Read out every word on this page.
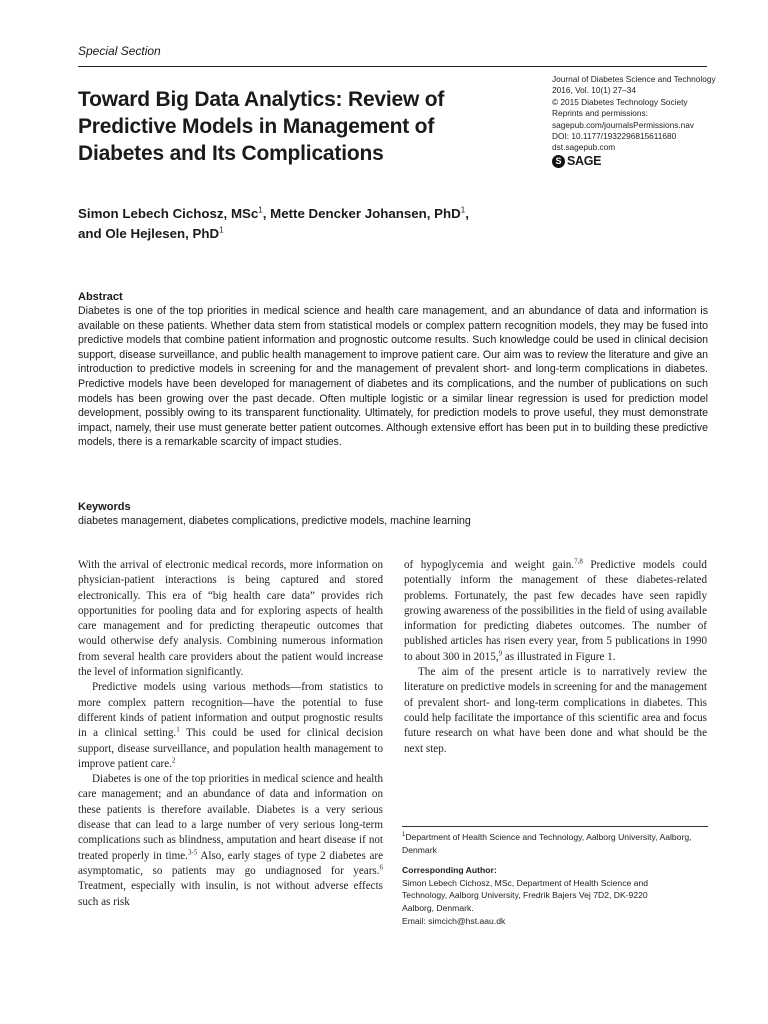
Special Section
Toward Big Data Analytics: Review of
Predictive Models in Management of
Diabetes and Its Complications
Journal of Diabetes Science and Technology
2016, Vol. 10(1) 27–34
© 2015 Diabetes Technology Society
Reprints and permissions:
sagepub.com/journalsPermissions.nav
DOI: 10.1177/1932296815611680
dst.sagepub.com
S SAGE
Simon Lebech Cichosz, MSc$^1$, Mette Dencker Johansen, PhD$^1$,
and Ole Hejlesen, PhD$^1$
Abstract
Diabetes is one of the top priorities in medical science and health care management, and an abundance of data and information is available on these patients. Whether data stem from statistical models or complex pattern recognition models, they may be fused into predictive models that combine patient information and prognostic outcome results. Such knowledge could be used in clinical decision support, disease surveillance, and public health management to improve patient care. Our aim was to review the literature and give an introduction to predictive models in screening for and the management of prevalent short- and long-term complications in diabetes. Predictive models have been developed for management of diabetes and its complications, and the number of publications on such models has been growing over the past decade. Often multiple logistic or a similar linear regression is used for prediction model development, possibly owing to its transparent functionality. Ultimately, for prediction models to prove useful, they must demonstrate impact, namely, their use must generate better patient outcomes. Although extensive effort has been put in to building these predictive models, there is a remarkable scarcity of impact studies.
Keywords
diabetes management, diabetes complications, predictive models, machine learning

With the arrival of electronic medical records, more information on physician-patient interactions is being captured and stored electronically. This era of “big health care data” provides rich opportunities for pooling data and for exploring aspects of health care management and for predicting therapeutic outcomes that would otherwise defy analysis. Combining numerous information from several health care providers about the patient would increase the level of information significantly.

Predictive models using various methods—from statistics to more complex pattern recognition—have the potential to fuse different kinds of patient information and output prognostic results in a clinical setting.$^1$ This could be used for clinical decision support, disease surveillance, and population health management to improve patient care.$^2$

Diabetes is one of the top priorities in medical science and health care management; and an abundance of data and information on these patients is therefore available. Diabetes is a very serious disease that can lead to a large number of very serious long-term complications such as blindness, amputation and heart disease if not treated properly in time.$^{3-5}$ Also, early stages of type 2 diabetes are asymptomatic, so patients may go undiagnosed for years.$^6$ Treatment, especially with insulin, is not without adverse effects such as risk

of hypoglycemia and weight gain.$^{7,8}$ Predictive models could potentially inform the management of these diabetes-related problems. Fortunately, the past few decades have seen rapidly growing awareness of the possibilities in the field of using available information for predicting diabetes outcomes. The number of published articles has risen every year, from 5 publications in 1990 to about 300 in 2015,$^9$ as illustrated in Figure 1.

The aim of the present article is to narratively review the literature on predictive models in screening for and the management of prevalent short- and long-term complications in diabetes. This could help facilitate the importance of this scientific area and focus future research on what have been done and what should be the next step.

$^1$Department of Health Science and Technology, Aalborg University, Aalborg, Denmark
Corresponding Author:
Simon Lebech Cichosz, MSc, Department of Health Science and
Technology, Aalborg University, Fredrik Bajers Vej 7D2, DK-9220
Aalborg, Denmark.
Email: simcich@hst.aau.dk
